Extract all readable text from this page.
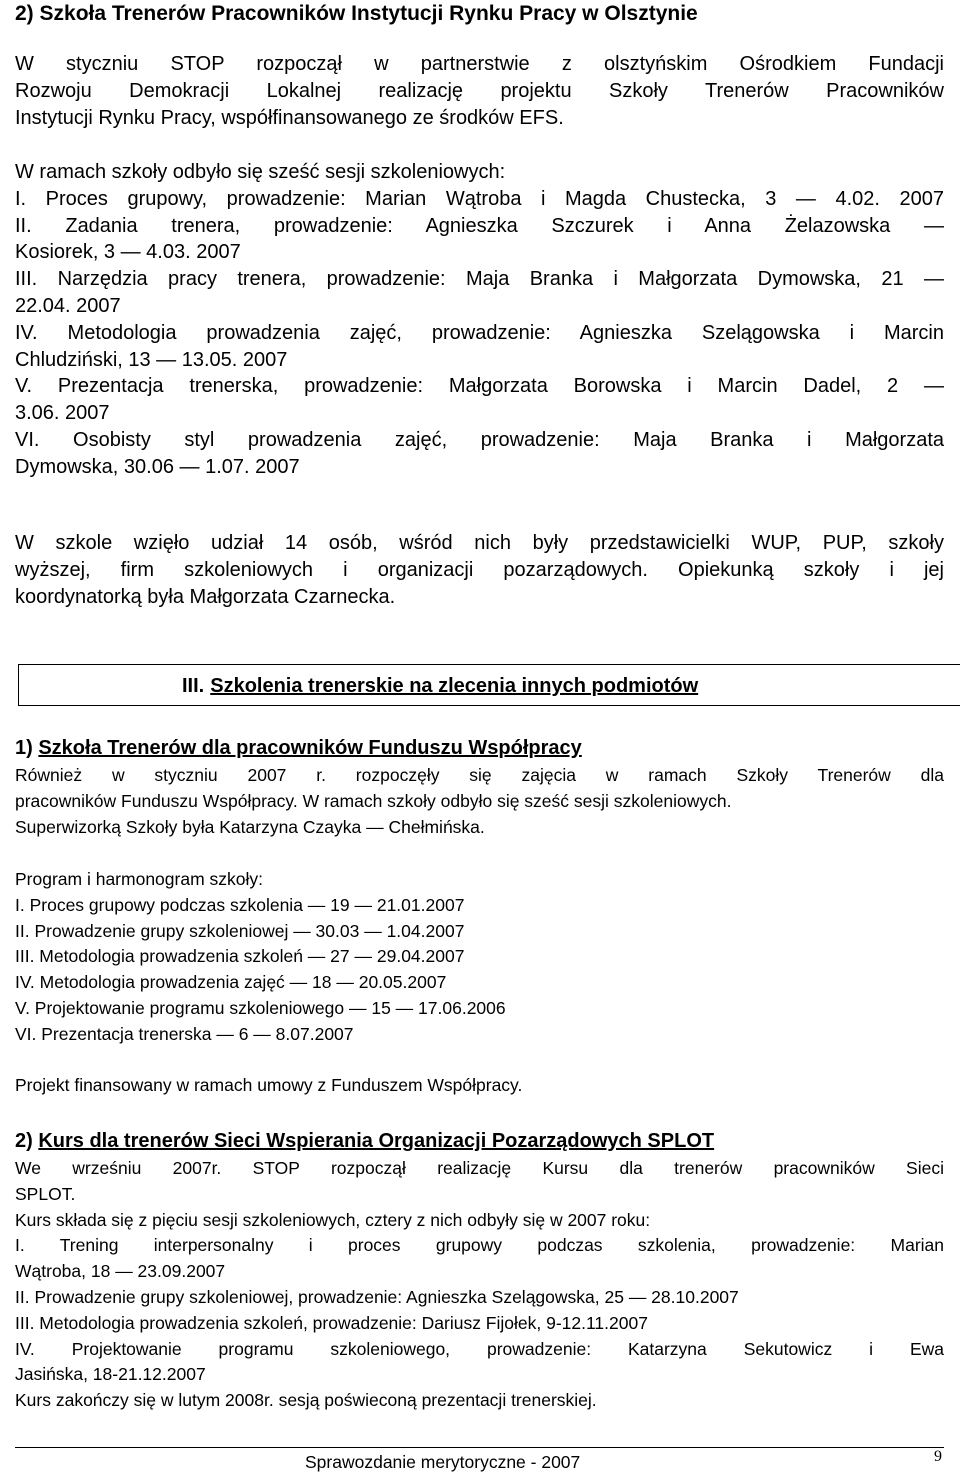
2) Szkoła Trenerów Pracowników Instytucji Rynku Pracy w Olsztynie
W styczniu STOP rozpoczął w partnerstwie z olsztyńskim Ośrodkiem Fundacji
Rozwoju Demokracji Lokalnej realizację projektu Szkoły Trenerów Pracowników
Instytucji Rynku Pracy, współfinansowanego ze środków EFS.
W ramach szkoły odbyło się sześć sesji szkoleniowych:
I. Proces grupowy, prowadzenie: Marian Wątroba i Magda Chustecka, 3 — 4.02. 2007
II. Zadania trenera, prowadzenie: Agnieszka Szczurek i Anna Żelazowska —
Kosiorek, 3 — 4.03. 2007
III. Narzędzia pracy trenera, prowadzenie: Maja Branka i Małgorzata Dymowska, 21 —
22.04. 2007
IV. Metodologia prowadzenia zajęć, prowadzenie: Agnieszka Szelągowska i Marcin
Chludziński, 13 — 13.05. 2007
V. Prezentacja trenerska, prowadzenie: Małgorzata Borowska i Marcin Dadel, 2 —
3.06. 2007
VI. Osobisty styl prowadzenia zajęć, prowadzenie: Maja Branka i Małgorzata
Dymowska, 30.06 — 1.07. 2007
W szkole wzięło udział 14 osób, wśród nich były przedstawicielki WUP, PUP, szkoły
wyższej, firm szkoleniowych i organizacji pozarządowych. Opiekunką szkoły i jej
koordynatorką była Małgorzata Czarnecka.
III. Szkolenia trenerskie na zlecenia innych podmiotów
1) Szkoła Trenerów dla pracowników Funduszu Współpracy
Również w styczniu 2007 r. rozpoczęły się zajęcia w ramach Szkoły Trenerów dla
pracowników Funduszu Współpracy. W ramach szkoły odbyło się sześć sesji szkoleniowych.
Superwizorką Szkoły była Katarzyna Czayka — Chełmińska.
Program i harmonogram szkoły:
I. Proces grupowy podczas szkolenia — 19 — 21.01.2007
II. Prowadzenie grupy szkoleniowej — 30.03 — 1.04.2007
III. Metodologia prowadzenia szkoleń — 27 — 29.04.2007
IV. Metodologia prowadzenia zajęć — 18 — 20.05.2007
V. Projektowanie programu szkoleniowego — 15 — 17.06.2006
VI. Prezentacja trenerska — 6 — 8.07.2007
Projekt finansowany w ramach umowy z Funduszem Współpracy.
2) Kurs dla trenerów Sieci Wspierania Organizacji Pozarządowych SPLOT
We wrześniu 2007r. STOP rozpoczął realizację Kursu dla trenerów pracowników Sieci
SPLOT.
Kurs składa się z pięciu sesji szkoleniowych, cztery z nich odbyły się w 2007 roku:
I. Trening interpersonalny i proces grupowy podczas szkolenia, prowadzenie: Marian
Wątroba, 18 — 23.09.2007
II. Prowadzenie grupy szkoleniowej, prowadzenie: Agnieszka Szelągowska, 25 — 28.10.2007
III. Metodologia prowadzenia szkoleń, prowadzenie: Dariusz Fijołek, 9-12.11.2007
IV. Projektowanie programu szkoleniowego, prowadzenie: Katarzyna Sekutowicz i Ewa
Jasińska, 18-21.12.2007
Kurs zakończy się w lutym 2008r. sesją poświeconą prezentacji trenerskiej.
Sprawozdanie merytoryczne - 2007	9
